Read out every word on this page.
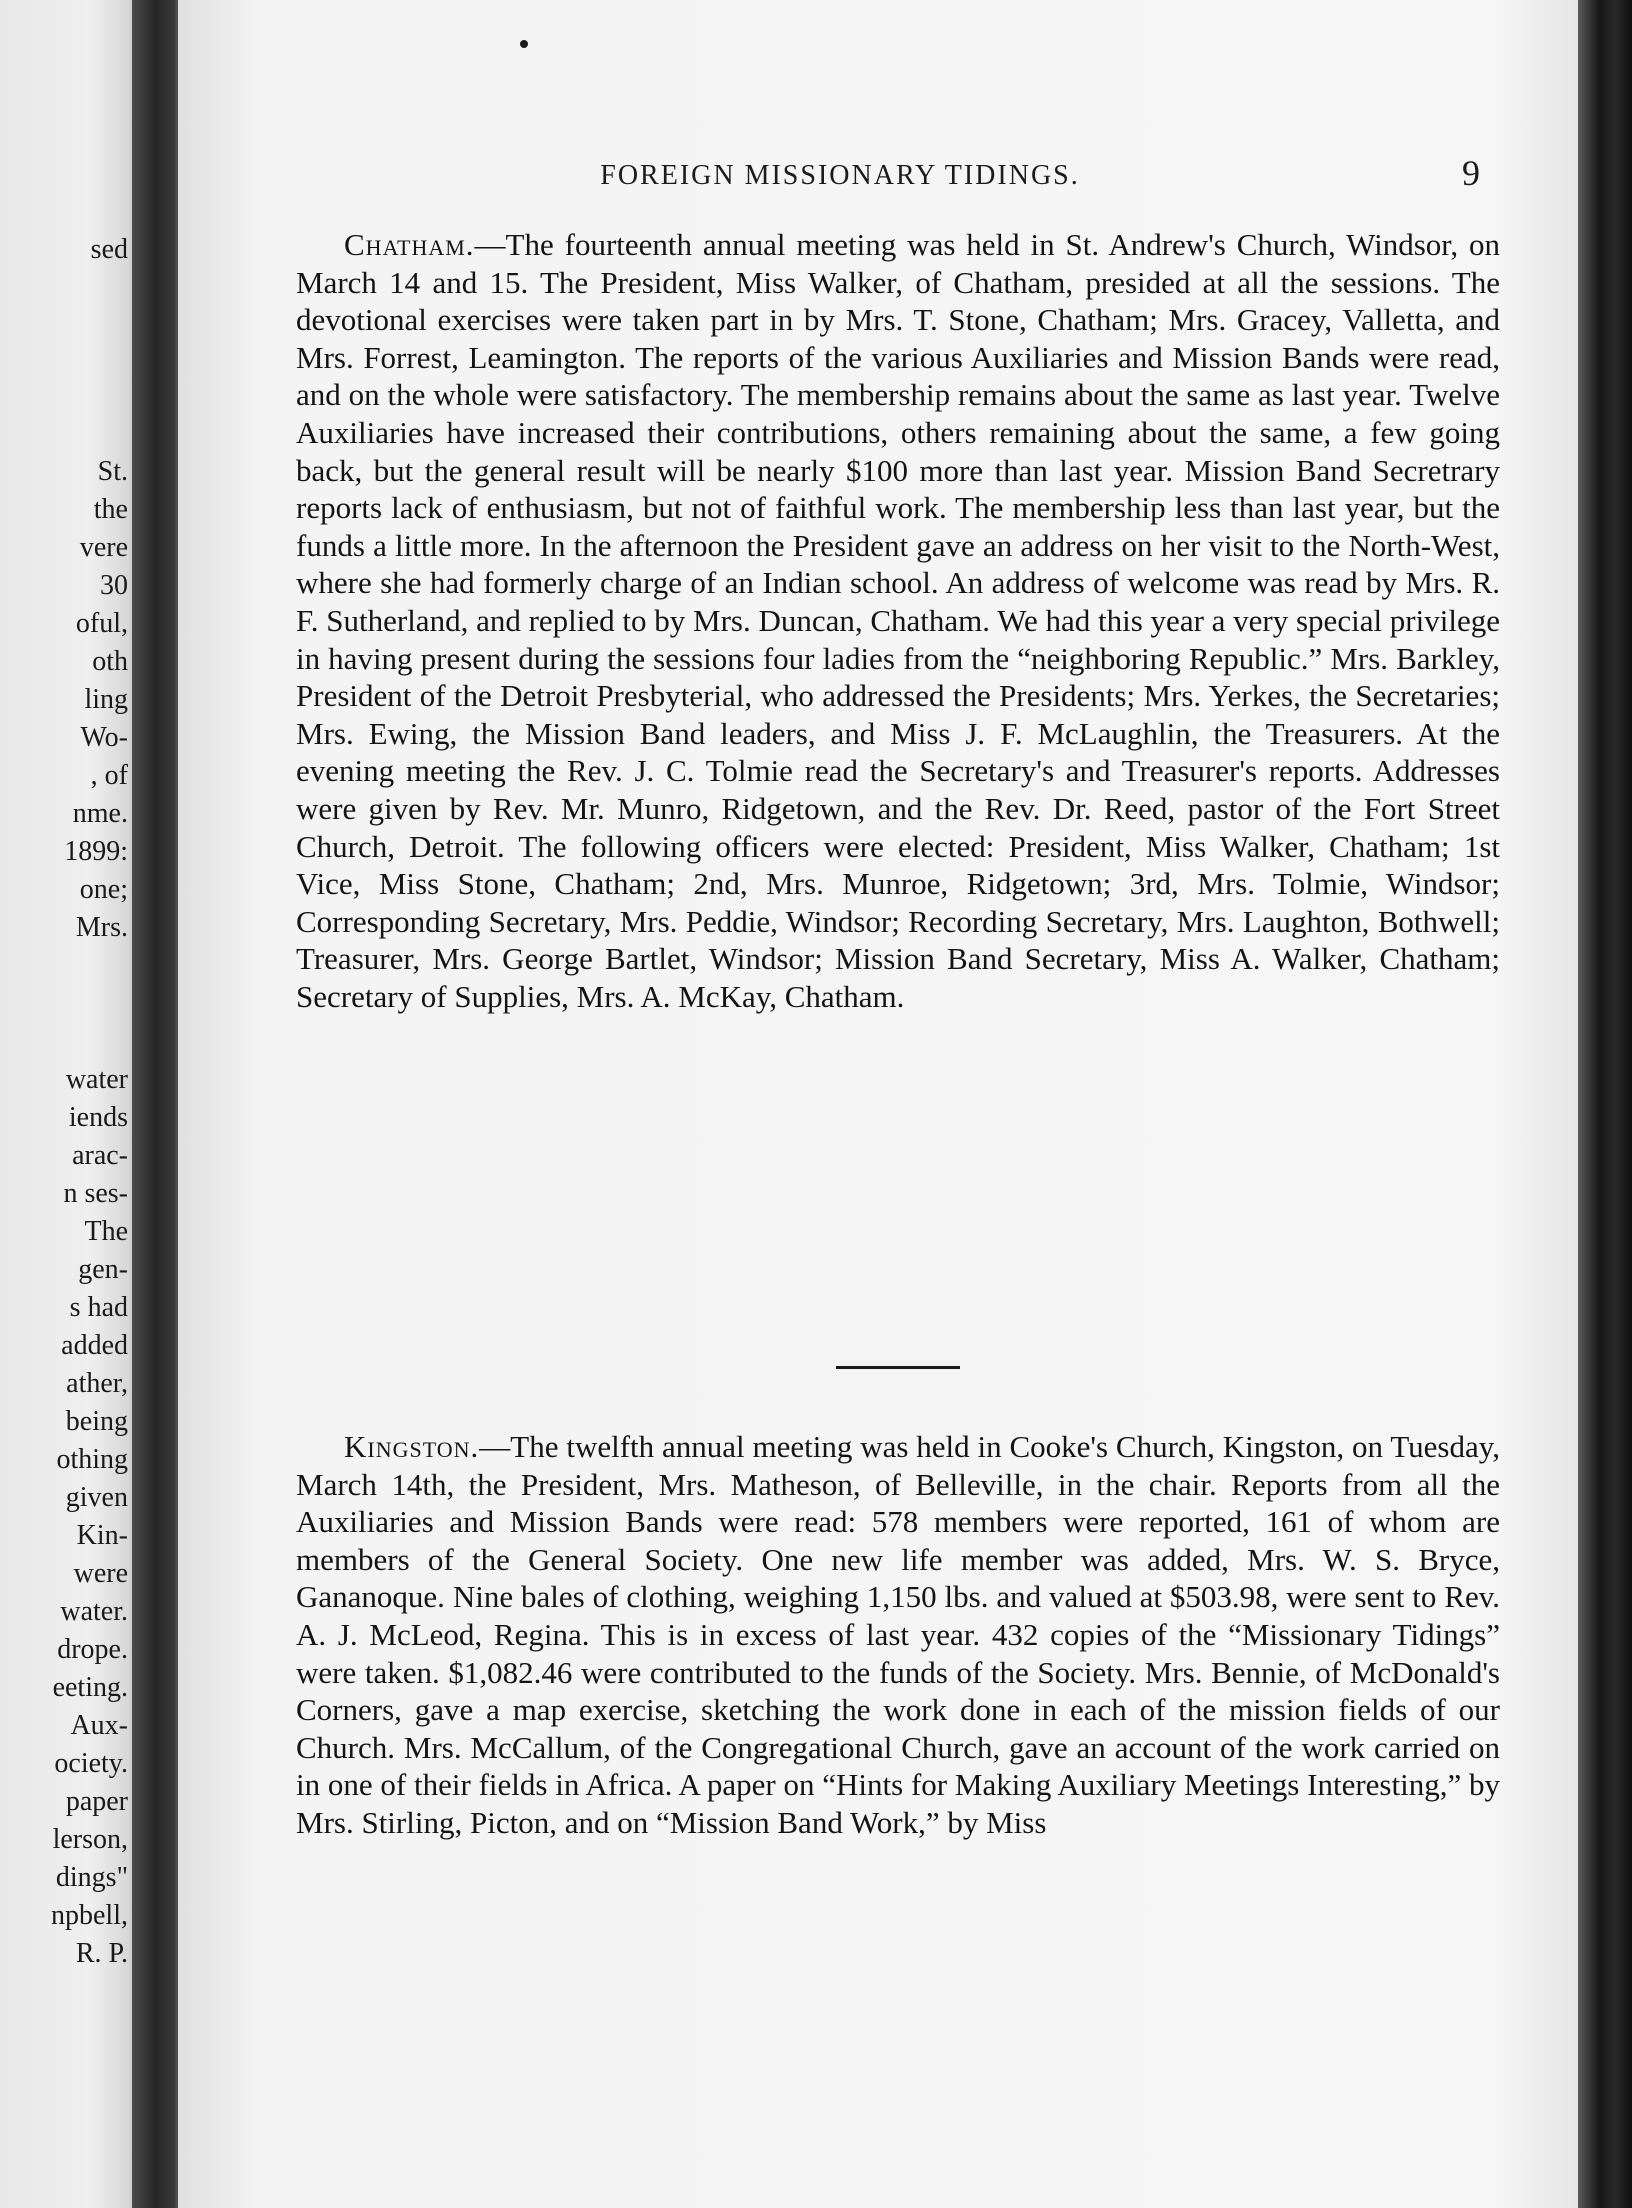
sed
St.
the
vere
30
oful,
oth
ling
Wo-
, of
nme.
1899:
one;
Mrs.
water
iends
arac-
n ses-
The
gen-
s had
added
ather,
being
othing
given
Kin-
were
water.
drope.
eeting.
Aux-
ociety.
paper
lerson,
dings"
npbell,
R. P.
FOREIGN MISSIONARY TIDINGS.	9

Chatham.—The fourteenth annual meeting was held in St. Andrew's Church, Windsor, on March 14 and 15. The President, Miss Walker, of Chatham, presided at all the sessions. The devotional exercises were taken part in by Mrs. T. Stone, Chatham; Mrs. Gracey, Valletta, and Mrs. Forrest, Leamington. The reports of the various Auxiliaries and Mission Bands were read, and on the whole were satisfactory. The membership remains about the same as last year. Twelve Auxiliaries have increased their contributions, others remaining about the same, a few going back, but the general result will be nearly $100 more than last year. Mission Band Secretrary reports lack of enthusiasm, but not of faithful work. The membership less than last year, but the funds a little more. In the afternoon the President gave an address on her visit to the North-West, where she had formerly charge of an Indian school. An address of welcome was read by Mrs. R. F. Sutherland, and replied to by Mrs. Duncan, Chatham. We had this year a very special privilege in having present during the sessions four ladies from the “neighboring Republic.” Mrs. Barkley, President of the Detroit Presbyterial, who addressed the Presidents; Mrs. Yerkes, the Secretaries; Mrs. Ewing, the Mission Band leaders, and Miss J. F. McLaughlin, the Treasurers. At the evening meeting the Rev. J. C. Tolmie read the Secretary's and Treasurer's reports. Addresses were given by Rev. Mr. Munro, Ridgetown, and the Rev. Dr. Reed, pastor of the Fort Street Church, Detroit. The following officers were elected: President, Miss Walker, Chatham; 1st Vice, Miss Stone, Chatham; 2nd, Mrs. Munroe, Ridgetown; 3rd, Mrs. Tolmie, Windsor; Corresponding Secretary, Mrs. Peddie, Windsor; Recording Secretary, Mrs. Laughton, Bothwell; Treasurer, Mrs. George Bartlet, Windsor; Mission Band Secretary, Miss A. Walker, Chatham; Secretary of Supplies, Mrs. A. McKay, Chatham.

Kingston.—The twelfth annual meeting was held in Cooke's Church, Kingston, on Tuesday, March 14th, the President, Mrs. Matheson, of Belleville, in the chair. Reports from all the Auxiliaries and Mission Bands were read: 578 members were reported, 161 of whom are members of the General Society. One new life member was added, Mrs. W. S. Bryce, Gananoque. Nine bales of clothing, weighing 1,150 lbs. and valued at $503.98, were sent to Rev. A. J. McLeod, Regina. This is in excess of last year. 432 copies of the “Missionary Tidings” were taken. $1,082.46 were contributed to the funds of the Society. Mrs. Bennie, of McDonald's Corners, gave a map exercise, sketching the work done in each of the mission fields of our Church. Mrs. McCallum, of the Congregational Church, gave an account of the work carried on in one of their fields in Africa. A paper on “Hints for Making Auxiliary Meetings Interesting,” by Mrs. Stirling, Picton, and on “Mission Band Work,” by Miss
